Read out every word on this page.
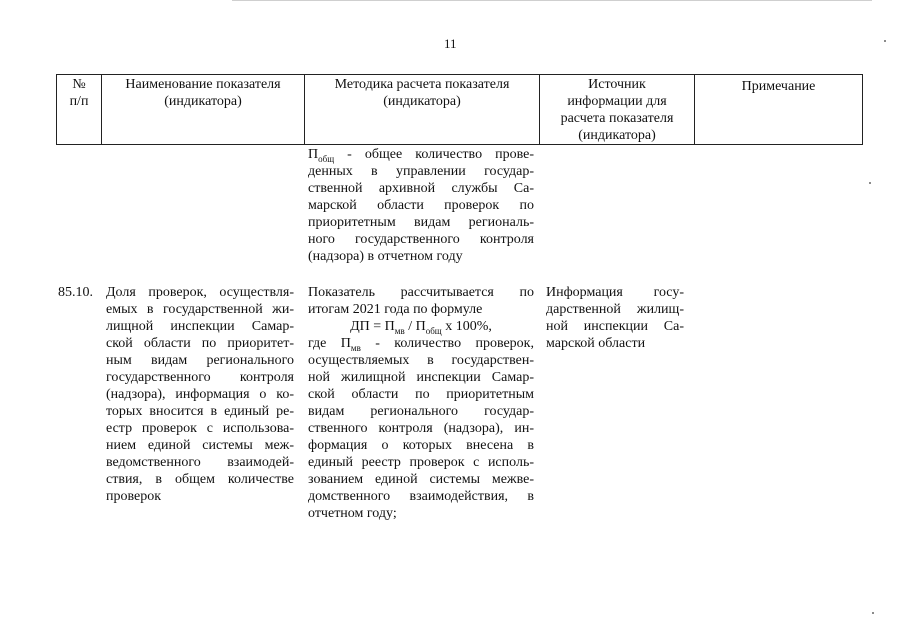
11
№
п/п
Наименование показателя
(индикатора)
Методика расчета показателя
(индикатора)
Источник
информации для
расчета показателя
(индикатора)
Примечание
$П_{общ}$ - общее количество прове-
денных в управлении государ-
ственной архивной службы Са-
марской области проверок по
приоритетным видам региональ-
ного государственного контроля
(надзора) в отчетном году
85.10. Доля проверок, осуществля-
емых в государственной жи-
лищной инспекции Самар-
ской области по приоритет-
ным видам регионального
государственного контроля
(надзора), информация о ко-
торых вносится в единый ре-
естр проверок с использова-
нием единой системы меж-
ведомственного взаимодей-
ствия, в общем количестве
проверок
Показатель рассчитывается по
итогам 2021 года по формуле
ДП = $П_{мв} / П_{общ}$ х 100%,
где $П_{мв}$ - количество проверок,
осуществляемых в государствен-
ной жилищной инспекции Самар-
ской области по приоритетным
видам регионального государ-
ственного контроля (надзора), ин-
формация о которых внесена в
единый реестр проверок с исполь-
зованием единой системы межве-
домственного взаимодействия, в
отчетном году;
Информация госу-
дарственной жилищ-
ной инспекции Са-
марской области
